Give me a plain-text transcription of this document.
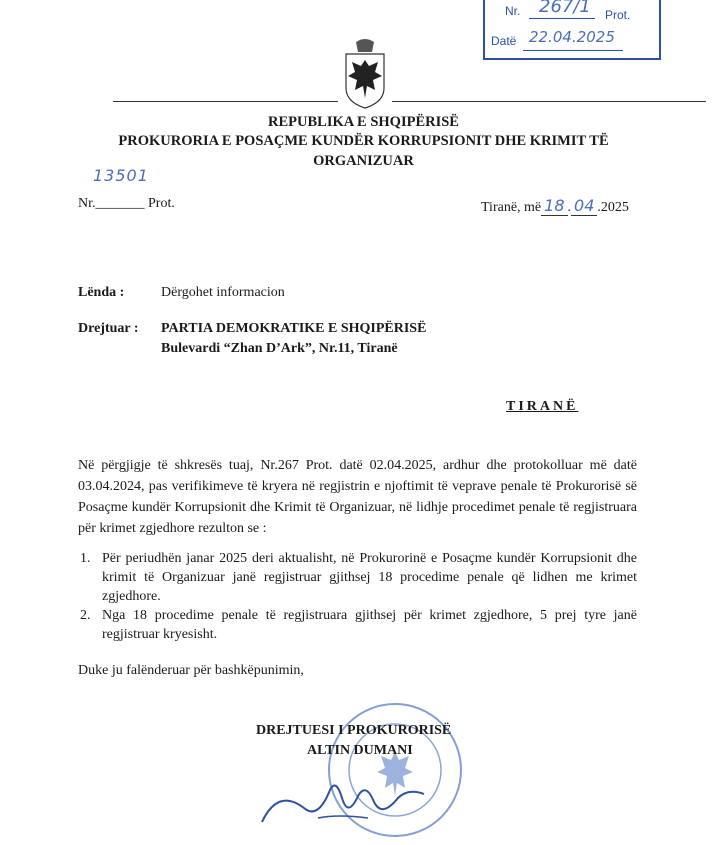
Nr. 267/1 Prot.
Datë 22.04.2025
REPUBLIKA E SHQIPËRISË
PROKURORIA E POSAÇME KUNDËR KORRUPSIONIT DHE KRIMIT TË
ORGANIZUAR
13501
Nr._______ Prot.	Tiranë, më 18 . 04 .2025
Lënda :	Dërgohet informacion
Drejtuar : PARTIA DEMOKRATIKE E SHQIPËRISË
Bulevardi “Zhan D’Ark”, Nr.11, Tiranë
TIRANË
Në përgjigje të shkresës tuaj, Nr.267 Prot. datë 02.04.2025, ardhur dhe protokolluar më datë 03.04.2024, pas verifikimeve të kryera në regjistrin e njoftimit të veprave penale të Prokurorisë së Posaçme kundër Korrupsionit dhe Krimit të Organizuar, në lidhje procedimet penale të regjistruara për krimet zgjedhore rezulton se :
1. Për periudhën janar 2025 deri aktualisht, në Prokurorinë e Posaçme kundër Korrupsionit dhe krimit të Organizuar janë regjistruar gjithsej 18 procedime penale që lidhen me krimet zgjedhore.
2. Nga 18 procedime penale të regjistruara gjithsej për krimet zgjedhore, 5 prej tyre janë regjistruar kryesisht.
Duke ju falënderuar për bashkëpunimin,
DREJTUESI I PROKURORISË
ALTIN DUMANI
